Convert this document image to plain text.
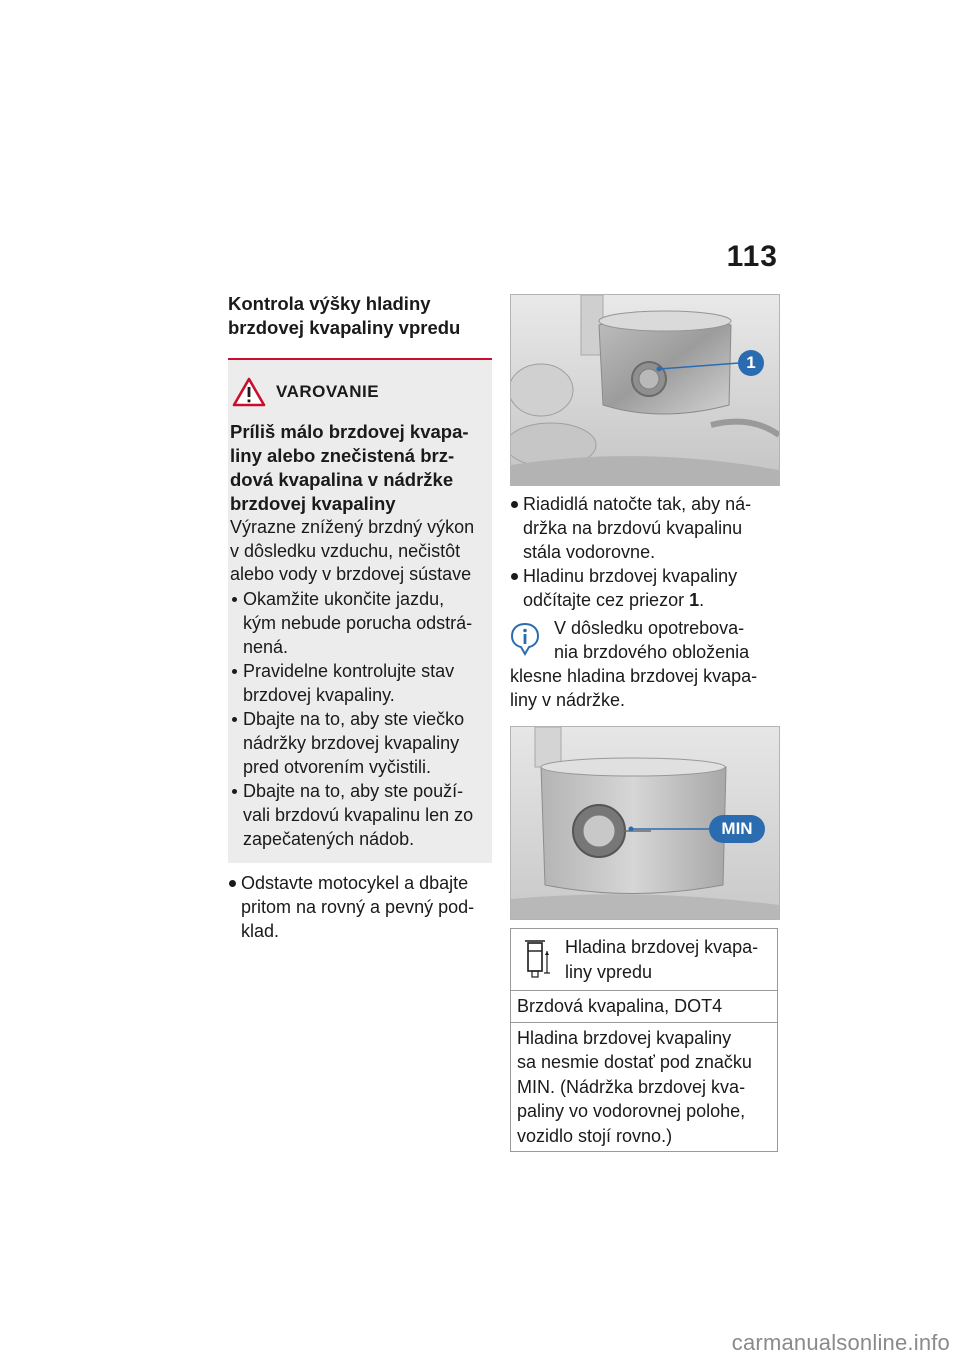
113
Kontrola výšky hladiny
brzdovej kvapaliny vpredu
VAROVANIE
Príliš málo brzdovej kvapa-
liny alebo znečistená brz-
dová kvapalina v nádržke
brzdovej kvapaliny
Výrazne znížený brzdný výkon
v dôsledku vzduchu, nečistôt
alebo vody v brzdovej sústave
Okamžite ukončite jazdu,
kým nebude porucha odstrá-
nená.
Pravidelne kontrolujte stav
brzdovej kvapaliny.
Dbajte na to, aby ste viečko
nádržky brzdovej kvapaliny
pred otvorením vyčistili.
Dbajte na to, aby ste použí-
vali brzdovú kvapalinu len zo
zapečatených nádob.
Odstavte motocykel a dbajte
pritom na rovný a pevný pod-
klad.
1
Riadidlá natočte tak, aby ná-
držka na brzdovú kvapalinu
stála vodorovne.
Hladinu brzdovej kvapaliny
odčítajte cez priezor 1.

V dôsledku opotrebova-

nia brzdového obloženia

klesne hladina brzdovej kvapa-

liny v nádržke.

MIN
Hladina brzdovej kvapa-
liny vpredu

Brzdová kvapalina, DOT4

Hladina brzdovej kvapaliny
sa nesmie dostať pod značku
MIN. (Nádržka brzdovej kva-
paliny vo vodorovnej polohe,
vozidlo stojí rovno.)
carmanualsonline.info
